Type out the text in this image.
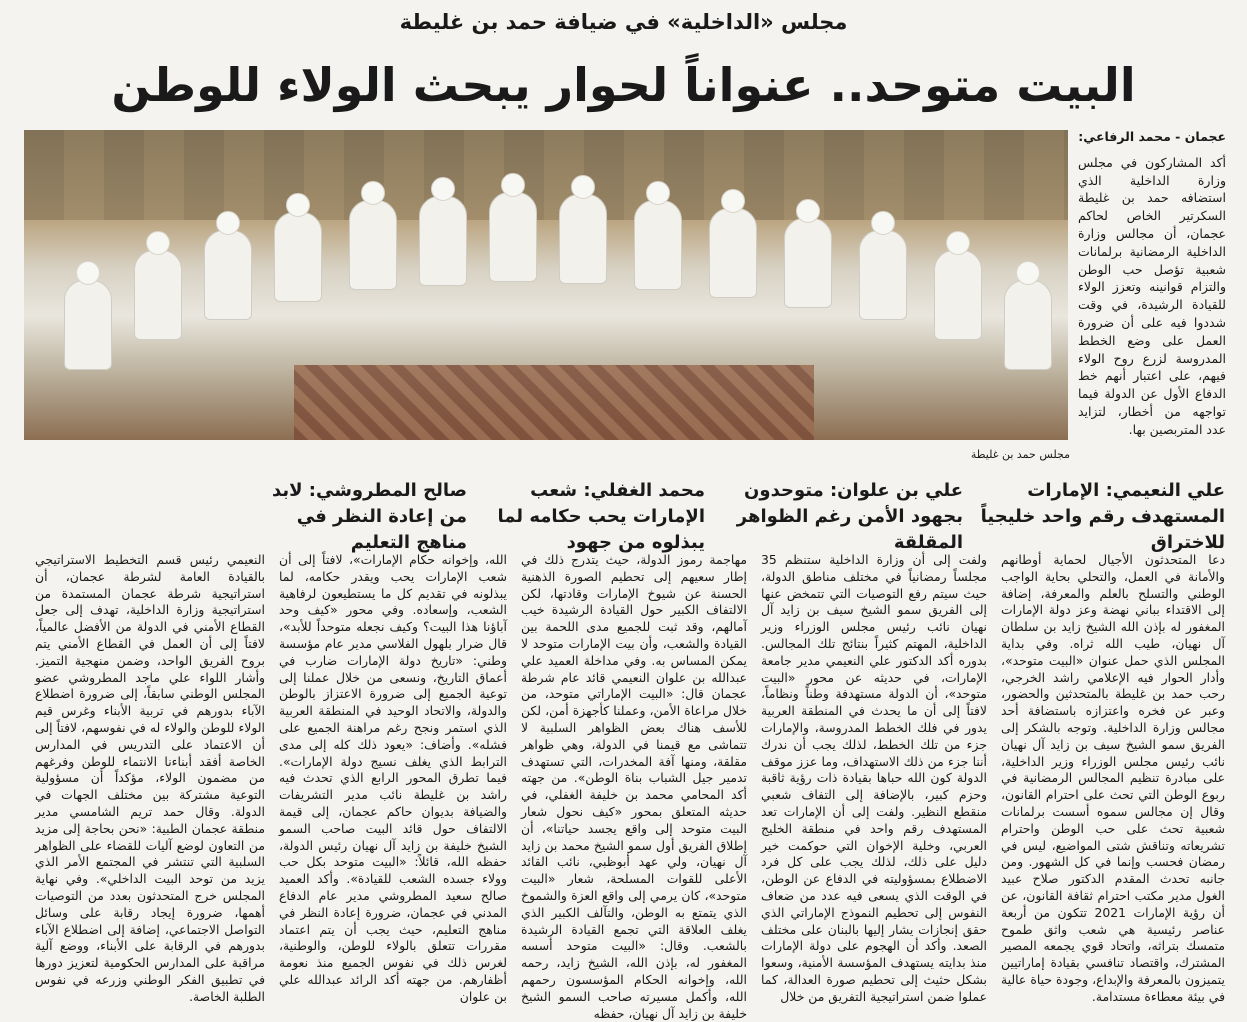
مجلس «الداخلية» في ضيافة حمد بن غليطة
البيت متوحد.. عنواناً لحوار يبحث الولاء للوطن
مجلس حمد بن غليطة
عجمان - محمد الرفاعي:
أكد المشاركون في مجلس وزارة الداخلية الذي استضافه حمد بن غليطة السكرتير الخاص لحاكم عجمان، أن مجالس وزارة الداخلية الرمضانية برلمانات شعبية تؤصل حب الوطن والتزام قوانينه وتعزز الولاء للقيادة الرشيدة، في وقت شددوا فيه على أن ضرورة العمل على وضع الخطط المدروسة لزرع روح الولاء فيهم، على اعتبار أنهم خط الدفاع الأول عن الدولة فيما تواجهه من أخطار، لتزايد عدد المتربصين بها.
علي النعيمي: الإمارات المستهدف رقم واحد خليجياً للاختراق
علي بن علوان: متوحدون بجهود الأمن رغم الظواهر المقلقة
محمد الغفلي: شعب الإمارات يحب حكامه لما يبذلوه من جهود
صالح المطروشي: لابد من إعادة النظر في مناهج التعليم

دعا المتحدثون الأجيال لحماية أوطانهم والأمانة في العمل، والتحلي بحاية الواجب الوطني والتسلح بالعلم والمعرفة، إضافة إلى الاقتداء بباني نهضة وعز دولة الإمارات المغفور له بإذن الله الشيخ زايد بن سلطان آل نهيان، طيب الله ثراه. وفي بداية المجلس الذي حمل عنوان «البيت متوحد»، وأدار الحوار فيه الإعلامي راشد الخرجي، رحب حمد بن غليطة بالمتحدثين والحضور، وعبر عن فخره واعتزازه باستضافة أحد مجالس وزارة الداخلية. وتوجه بالشكر إلى الفريق سمو الشيخ سيف بن زايد آل نهيان نائب رئيس مجلس الوزراء وزير الداخلية، على مبادرة تنظيم المجالس الرمضانية في ربوع الوطن التي تحث على احترام القانون، وقال إن مجالس سموه أسست برلمانات شعبية تحث على حب الوطن واحترام تشريعاته وتناقش شتى المواضيع، ليس في رمضان فحسب وإنما في كل الشهور. ومن جانبه تحدث المقدم الدكتور صلاح عبيد الغول مدير مكتب احترام ثقافة القانون، عن أن رؤية الإمارات 2021 تتكون من أربعة عناصر رئيسية هي شعب واثق طموح متمسك بتراثه، واتحاد قوي يجمعه المصير المشترك، واقتصاد تنافسي بقيادة إماراتيين يتميزون بالمعرفة والإبداع، وجودة حياة عالية في بيئة معطاءة مستدامة.

ولفت إلى أن وزارة الداخلية ستنظم 35 مجلساً رمضانياً في مختلف مناطق الدولة، حيث سيتم رفع التوصيات التي تتمخض عنها إلى الفريق سمو الشيخ سيف بن زايد آل نهيان نائب رئيس مجلس الوزراء وزير الداخلية، المهتم كثيراً بنتائج تلك المجالس. بدوره أكد الدكتور علي النعيمي مدير جامعة الإمارات، في حديثه عن محور «البيت متوحد»، أن الدولة مستهدفة وطناً ونظاماً، لافتاً إلى أن ما يحدث في المنطقة العربية يدور في فلك الخطط المدروسة، والإمارات جزء من تلك الخطط، لذلك يجب أن ندرك أننا جزء من ذلك الاستهداف، وما عزز موقف الدولة كون الله حباها بقيادة ذات رؤية ثاقبة وحزم كبير، بالإضافة إلى التفاف شعبي منقطع النظير. ولفت إلى أن الإمارات تعد المستهدف رقم واحد في منطقة الخليج العربي، وخلية الإخوان التي حوكمت خير دليل على ذلك، لذلك يجب على كل فرد الاضطلاع بمسؤوليته في الدفاع عن الوطن، في الوقت الذي يسعى فيه عدد من ضعاف النفوس إلى تحطيم النموذج الإماراتي الذي حقق إنجازات يشار إليها بالبنان على مختلف الصعد. وأكد أن الهجوم على دولة الإمارات منذ بدايته يستهدف المؤسسة الأمنية، وسعوا بشكل حثيث إلى تحطيم صورة العدالة، كما عملوا ضمن استراتيجية التفريق من خلال

مهاجمة رموز الدولة، حيث يتدرج ذلك في إطار سعيهم إلى تحطيم الصورة الذهنية الحسنة عن شيوخ الإمارات وقادتها، لكن الالتفاف الكبير حول القيادة الرشيدة خيب آمالهم، وقد ثبت للجميع مدى اللحمة بين القيادة والشعب، وأن بيت الإمارات متوحد لا يمكن المساس به. وفي مداخلة العميد علي عبدالله بن علوان النعيمي قائد عام شرطة عجمان قال: «البيت الإماراتي متوحد، من خلال مراعاة الأمن، وعملنا كأجهزة أمن، لكن للأسف هناك بعض الظواهر السلبية لا تتماشى مع قيمنا في الدولة، وهي ظواهر مقلقة، ومنها آفة المخدرات، التي تستهدف تدمير جيل الشباب بناة الوطن». من جهته أكد المحامي محمد بن خليفة الغفلي، في حديثه المتعلق بمحور «كيف نحول شعار البيت متوحد إلى واقع يجسد حياتنا»، أن إطلاق الفريق أول سمو الشيخ محمد بن زايد آل نهيان، ولي عهد أبوظبي، نائب القائد الأعلى للقوات المسلحة، شعار «البيت متوحد»، كان يرمي إلى واقع العزة والشموخ الذي يتمتع به الوطن، والتآلف الكبير الذي يغلف العلاقة التي تجمع القيادة الرشيدة بالشعب. وقال: «البيت متوحد أسسه المغفور له، بإذن الله، الشيخ زايد، رحمه الله، وإخوانه الحكام المؤسسون رحمهم الله، وأكمل مسيرته صاحب السمو الشيخ خليفة بن زايد آل نهيان، حفظه

الله، وإخوانه حكام الإمارات»، لافتاً إلى أن شعب الإمارات يحب ويقدر حكامه، لما يبذلونه في تقديم كل ما يستطيعون لرفاهية الشعب، وإسعاده. وفي محور «كيف وحد آباؤنا هذا البيت؟ وكيف نجعله متوحداً للأبد»، قال ضرار بلهول الفلاسي مدير عام مؤسسة وطني: «تاريخ دولة الإمارات ضارب في أعماق التاريخ، ونسعى من خلال عملنا إلى توعية الجميع إلى ضرورة الاعتزاز بالوطن والدولة، والاتحاد الوحيد في المنطقة العربية الذي استمر ونجح رغم مراهنة الجميع على فشله». وأضاف: «يعود ذلك كله إلى مدى الترابط الذي يغلف نسيج دولة الإمارات». فيما تطرق المحور الرابع الذي تحدث فيه راشد بن غليطة نائب مدير التشريفات والضيافة بديوان حاكم عجمان، إلى قيمة الالتفاف حول قائد البيت صاحب السمو الشيخ خليفة بن زايد آل نهيان رئيس الدولة، حفظه الله، قائلاً: «البيت متوحد بكل حب وولاء جسده الشعب للقيادة». وأكد العميد صالح سعيد المطروشي مدير عام الدفاع المدني في عجمان، ضرورة إعادة النظر في مناهج التعليم، حيث يجب أن يتم اعتماد مقررات تتعلق بالولاء للوطن، والوطنية، لغرس ذلك في نفوس الجميع منذ نعومة أظفارهم. من جهته أكد الرائد عبدالله علي بن علوان

النعيمي رئيس قسم التخطيط الاستراتيجي بالقيادة العامة لشرطة عجمان، أن استراتيجية شرطة عجمان المستمدة من استراتيجية وزارة الداخلية، تهدف إلى جعل القطاع الأمني في الدولة من الأفضل عالمياً، لافتاً إلى أن العمل في القطاع الأمني يتم بروح الفريق الواحد، وضمن منهجية التميز. وأشار اللواء علي ماجد المطروشي عضو المجلس الوطني سابقاً، إلى ضرورة اضطلاع الآباء بدورهم في تربية الأبناء وغرس قيم الولاء للوطن والولاء له في نفوسهم، لافتاً إلى أن الاعتماد على التدريس في المدارس الخاصة أفقد أبناءنا الانتماء للوطن وفرغهم من مضمون الولاء، مؤكداً أن مسؤولية التوعية مشتركة بين مختلف الجهات في الدولة. وقال حمد تريم الشامسي مدير منطقة عجمان الطبية: «نحن بحاجة إلى مزيد من التعاون لوضع آليات للقضاء على الظواهر السلبية التي تنتشر في المجتمع الأمر الذي يزيد من توحد البيت الداخلي». وفي نهاية المجلس خرج المتحدثون بعدد من التوصيات أهمها، ضرورة إيجاد رقابة على وسائل التواصل الاجتماعي، إضافة إلى اضطلاع الآباء بدورهم في الرقابة على الأبناء، ووضع آلية مراقبة على المدارس الحكومية لتعزيز دورها في تطبيق الفكر الوطني وزرعه في نفوس الطلبة الخاصة.
